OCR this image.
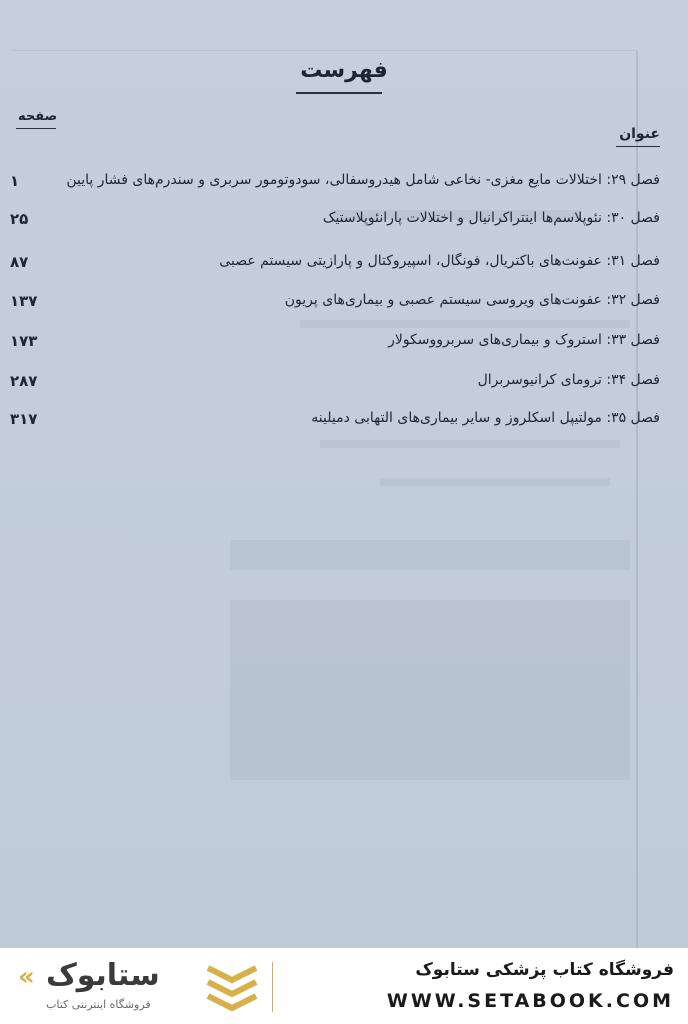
فهرست
صفحه
عنوان
فصل ۲۹: اختلالات مایع مغزی- نخاعی شامل هیدروسفالی، سودوتومور سربری و سندرم‌های فشار پایین
۱
فصل ۳۰: نئوپلاسم‌ها اینتراکرانیال و اختلالات پارانئوپلاستیک
۲۵
فصل ۳۱: عفونت‌های باکتریال، فونگال، اسپیروکتال و پارازیتی سیستم عصبی
۸۷
فصل ۳۲: عفونت‌های ویروسی سیستم عصبی و بیماری‌های پریون
۱۳۷
فصل ۳۳: استروک و بیماری‌های سربرووسکولار
۱۷۳
فصل ۳۴: ترومای کرانیوسربرال
۲۸۷
فصل ۳۵: مولتیپل اسکلروز و سایر بیماری‌های التهابی دمیلینه
۳۱۷
فروشگاه کتاب پزشکی ستابوک
WWW.SETABOOK.COM
ستابوک
«
فروشگاه اینترنتی کتاب
